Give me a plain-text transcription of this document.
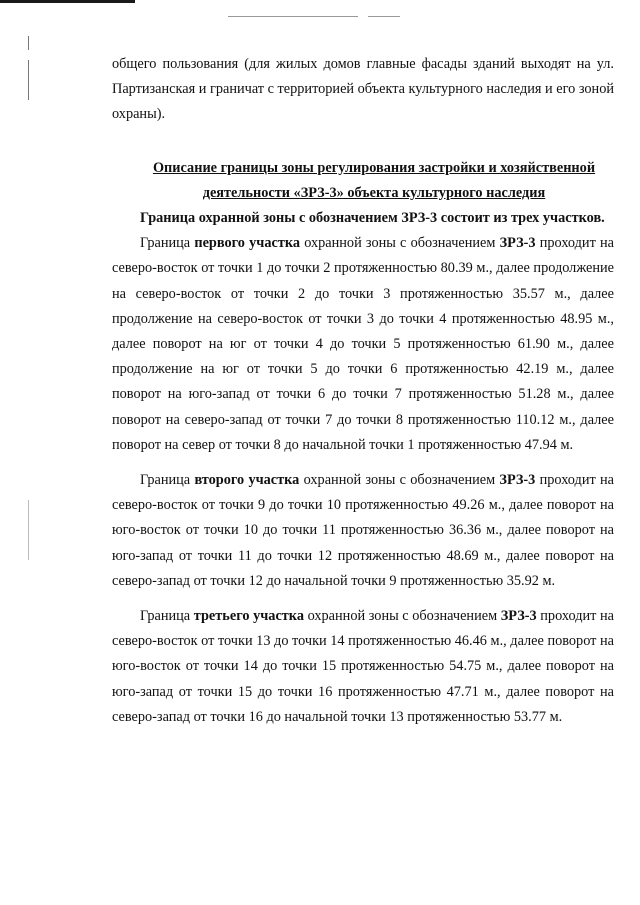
общего пользования (для жилых домов главные фасады зданий выходят на ул. Партизанская и граничат с территорией объекта культурного наследия и его зоной охраны).

Описание границы зоны регулирования застройки и хозяйственной
деятельности «ЗРЗ-3» объекта культурного наследия

Граница охранной зоны с обозначением ЗРЗ-3 состоит из трех участков.

Граница первого участка охранной зоны с обозначением ЗРЗ-3 проходит на северо-восток от точки 1 до точки 2 протяженностью 80.39 м., далее продолжение на северо-восток от точки 2 до точки 3 протяженностью 35.57 м., далее продолжение на северо-восток от точки 3 до точки 4 протяженностью 48.95 м., далее поворот на юг от точки 4 до точки 5 протяженностью 61.90 м., далее продолжение на юг от точки 5 до точки 6 протяженностью 42.19 м., далее поворот на юго-запад от точки 6 до точки 7 протяженностью 51.28 м., далее поворот на северо-запад от точки 7 до точки 8 протяженностью 110.12 м., далее поворот на север от точки 8 до начальной точки 1 протяженностью 47.94 м.

Граница второго участка охранной зоны с обозначением ЗРЗ-3 проходит на северо-восток от точки 9 до точки 10 протяженностью 49.26 м., далее поворот на юго-восток от точки 10 до точки 11 протяженностью 36.36 м., далее поворот на юго-запад от точки 11 до точки 12 протяженностью 48.69 м., далее поворот на северо-запад от точки 12 до начальной точки 9 протяженностью 35.92 м.

Граница третьего участка охранной зоны с обозначением ЗРЗ-3 проходит на северо-восток от точки 13 до точки 14 протяженностью 46.46 м., далее поворот на юго-восток от точки 14 до точки 15 протяженностью 54.75 м., далее поворот на юго-запад от точки 15 до точки 16 протяженностью 47.71 м., далее поворот на северо-запад от точки 16 до начальной точки 13 протяженностью 53.77 м.
